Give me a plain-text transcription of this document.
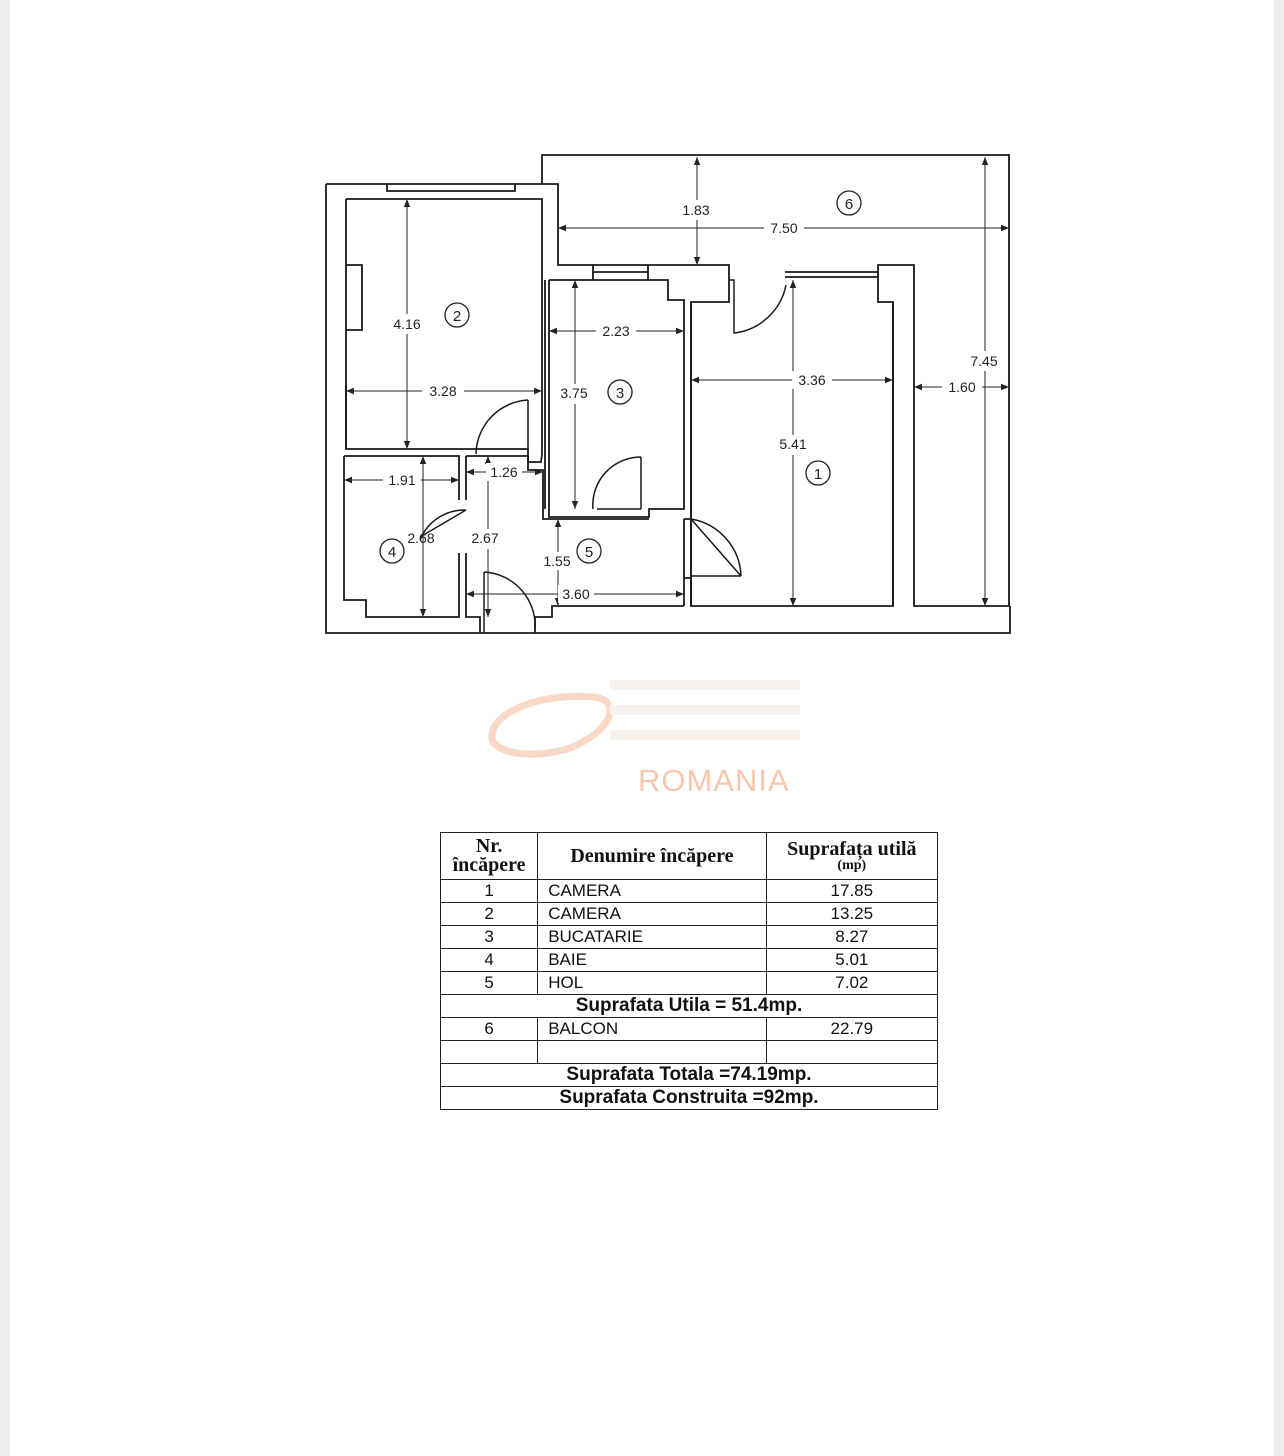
1.83
7.50
4.16
3.28
2.23
3.75
3.36
7.45
1.60
5.41
1.91	1.26
2.68	2.67
1.55
3.60
6
2
3
1
4	5
ROMANIA
Nr.
încăpere	Denumire încăpere	Suprafața utilă
(mp)

1	CAMERA	17.85
2	CAMERA	13.25
3	BUCATARIE	8.27
4	BAIE	5.01
5	HOL	7.02
Suprafata Utila = 51.4mp.		
6	BALCON	22.79

Suprafata Totala =74.19mp.		
Suprafata Construita =92mp.		
